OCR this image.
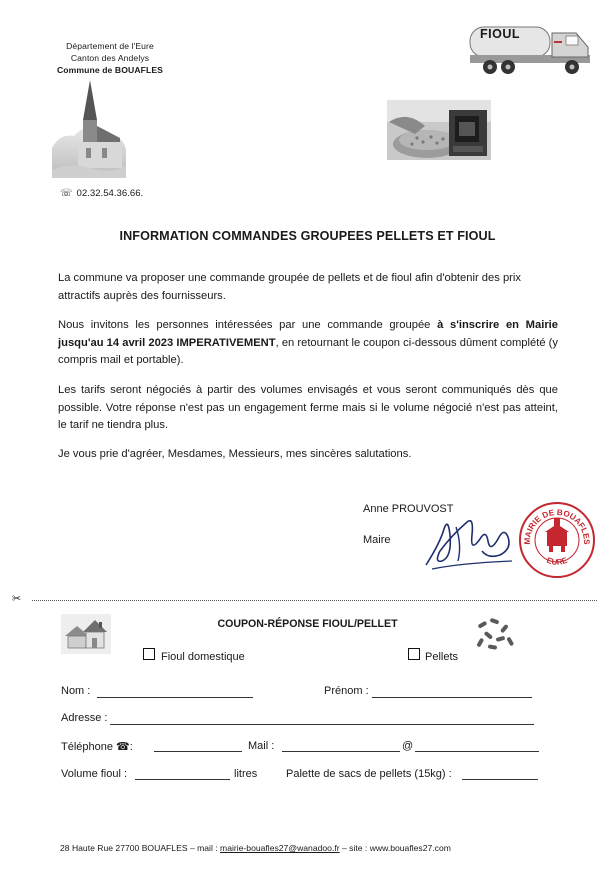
Département de l'Eure
Canton des Andelys
Commune de BOUAFLES
☏ 02.32.54.36.66.
FIOUL
INFORMATION COMMANDES GROUPEES PELLETS ET FIOUL
La commune va proposer une commande groupée de pellets et de fioul afin d'obtenir des prix attractifs auprès des fournisseurs.
Nous invitons les personnes intéressées par une commande groupée à s'inscrire en Mairie jusqu'au 14 avril 2023 IMPERATIVEMENT, en retournant le coupon ci-dessous dûment complété (y compris mail et portable).
Les tarifs seront négociés à partir des volumes envisagés et vous seront communiqués dès que possible. Votre réponse n'est pas un engagement ferme mais si le volume négocié n'est pas atteint, le tarif ne tiendra plus.
Je vous prie d'agréer, Mesdames, Messieurs, mes sincères salutations.
Anne PROUVOST
Maire	MAIRIE DE BOUAFLES
EURE
✂
COUPON-RÉPONSE FIOUL/PELLET
Fioul domestique	Pellets
Nom :	Prénom :
Adresse :
Téléphone ☎ :	Mail :	@
Volume fioul :	litres	Palette de sacs de pellets (15kg) :
28 Haute Rue 27700 BOUAFLES – mail : mairie-bouafles27@wanadoo.fr – site : www.bouafles27.com
